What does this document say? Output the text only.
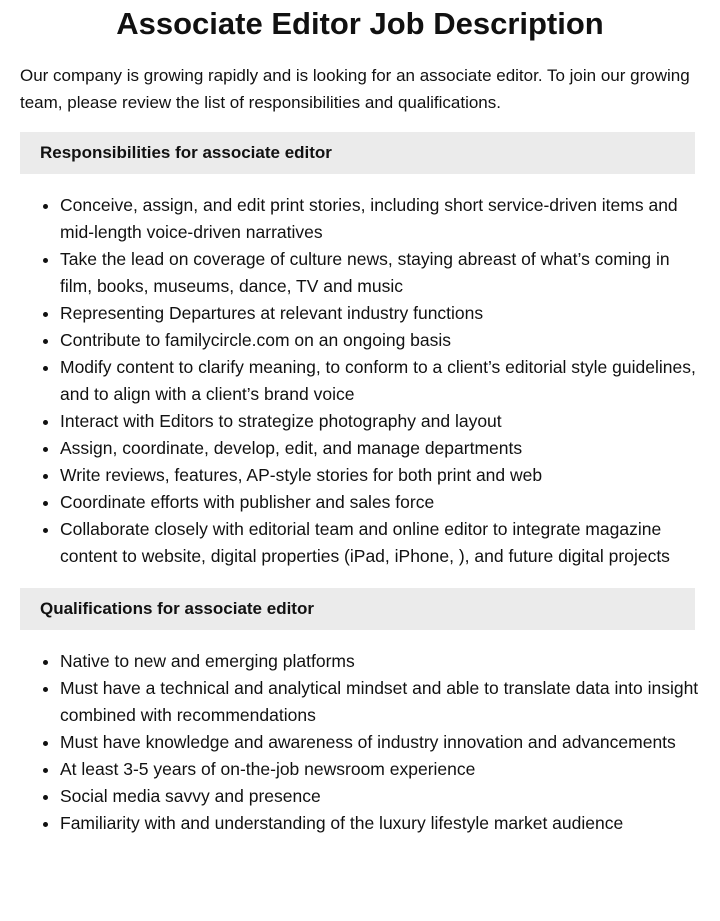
Associate Editor Job Description

Our company is growing rapidly and is looking for an associate editor. To join our growing team, please review the list of responsibilities and qualifications.

Responsibilities for associate editor
• Conceive, assign, and edit print stories, including short service-driven items and mid-length voice-driven narratives
• Take the lead on coverage of culture news, staying abreast of what’s coming in film, books, museums, dance, TV and music
• Representing Departures at relevant industry functions
• Contribute to familycircle.com on an ongoing basis
• Modify content to clarify meaning, to conform to a client’s editorial style guidelines, and to align with a client’s brand voice
• Interact with Editors to strategize photography and layout
• Assign, coordinate, develop, edit, and manage departments
• Write reviews, features, AP-style stories for both print and web
• Coordinate efforts with publisher and sales force
• Collaborate closely with editorial team and online editor to integrate magazine content to website, digital properties (iPad, iPhone, ), and future digital projects
Qualifications for associate editor
• Native to new and emerging platforms
• Must have a technical and analytical mindset and able to translate data into insight combined with recommendations
• Must have knowledge and awareness of industry innovation and advancements
• At least 3-5 years of on-the-job newsroom experience
• Social media savvy and presence
• Familiarity with and understanding of the luxury lifestyle market audience
